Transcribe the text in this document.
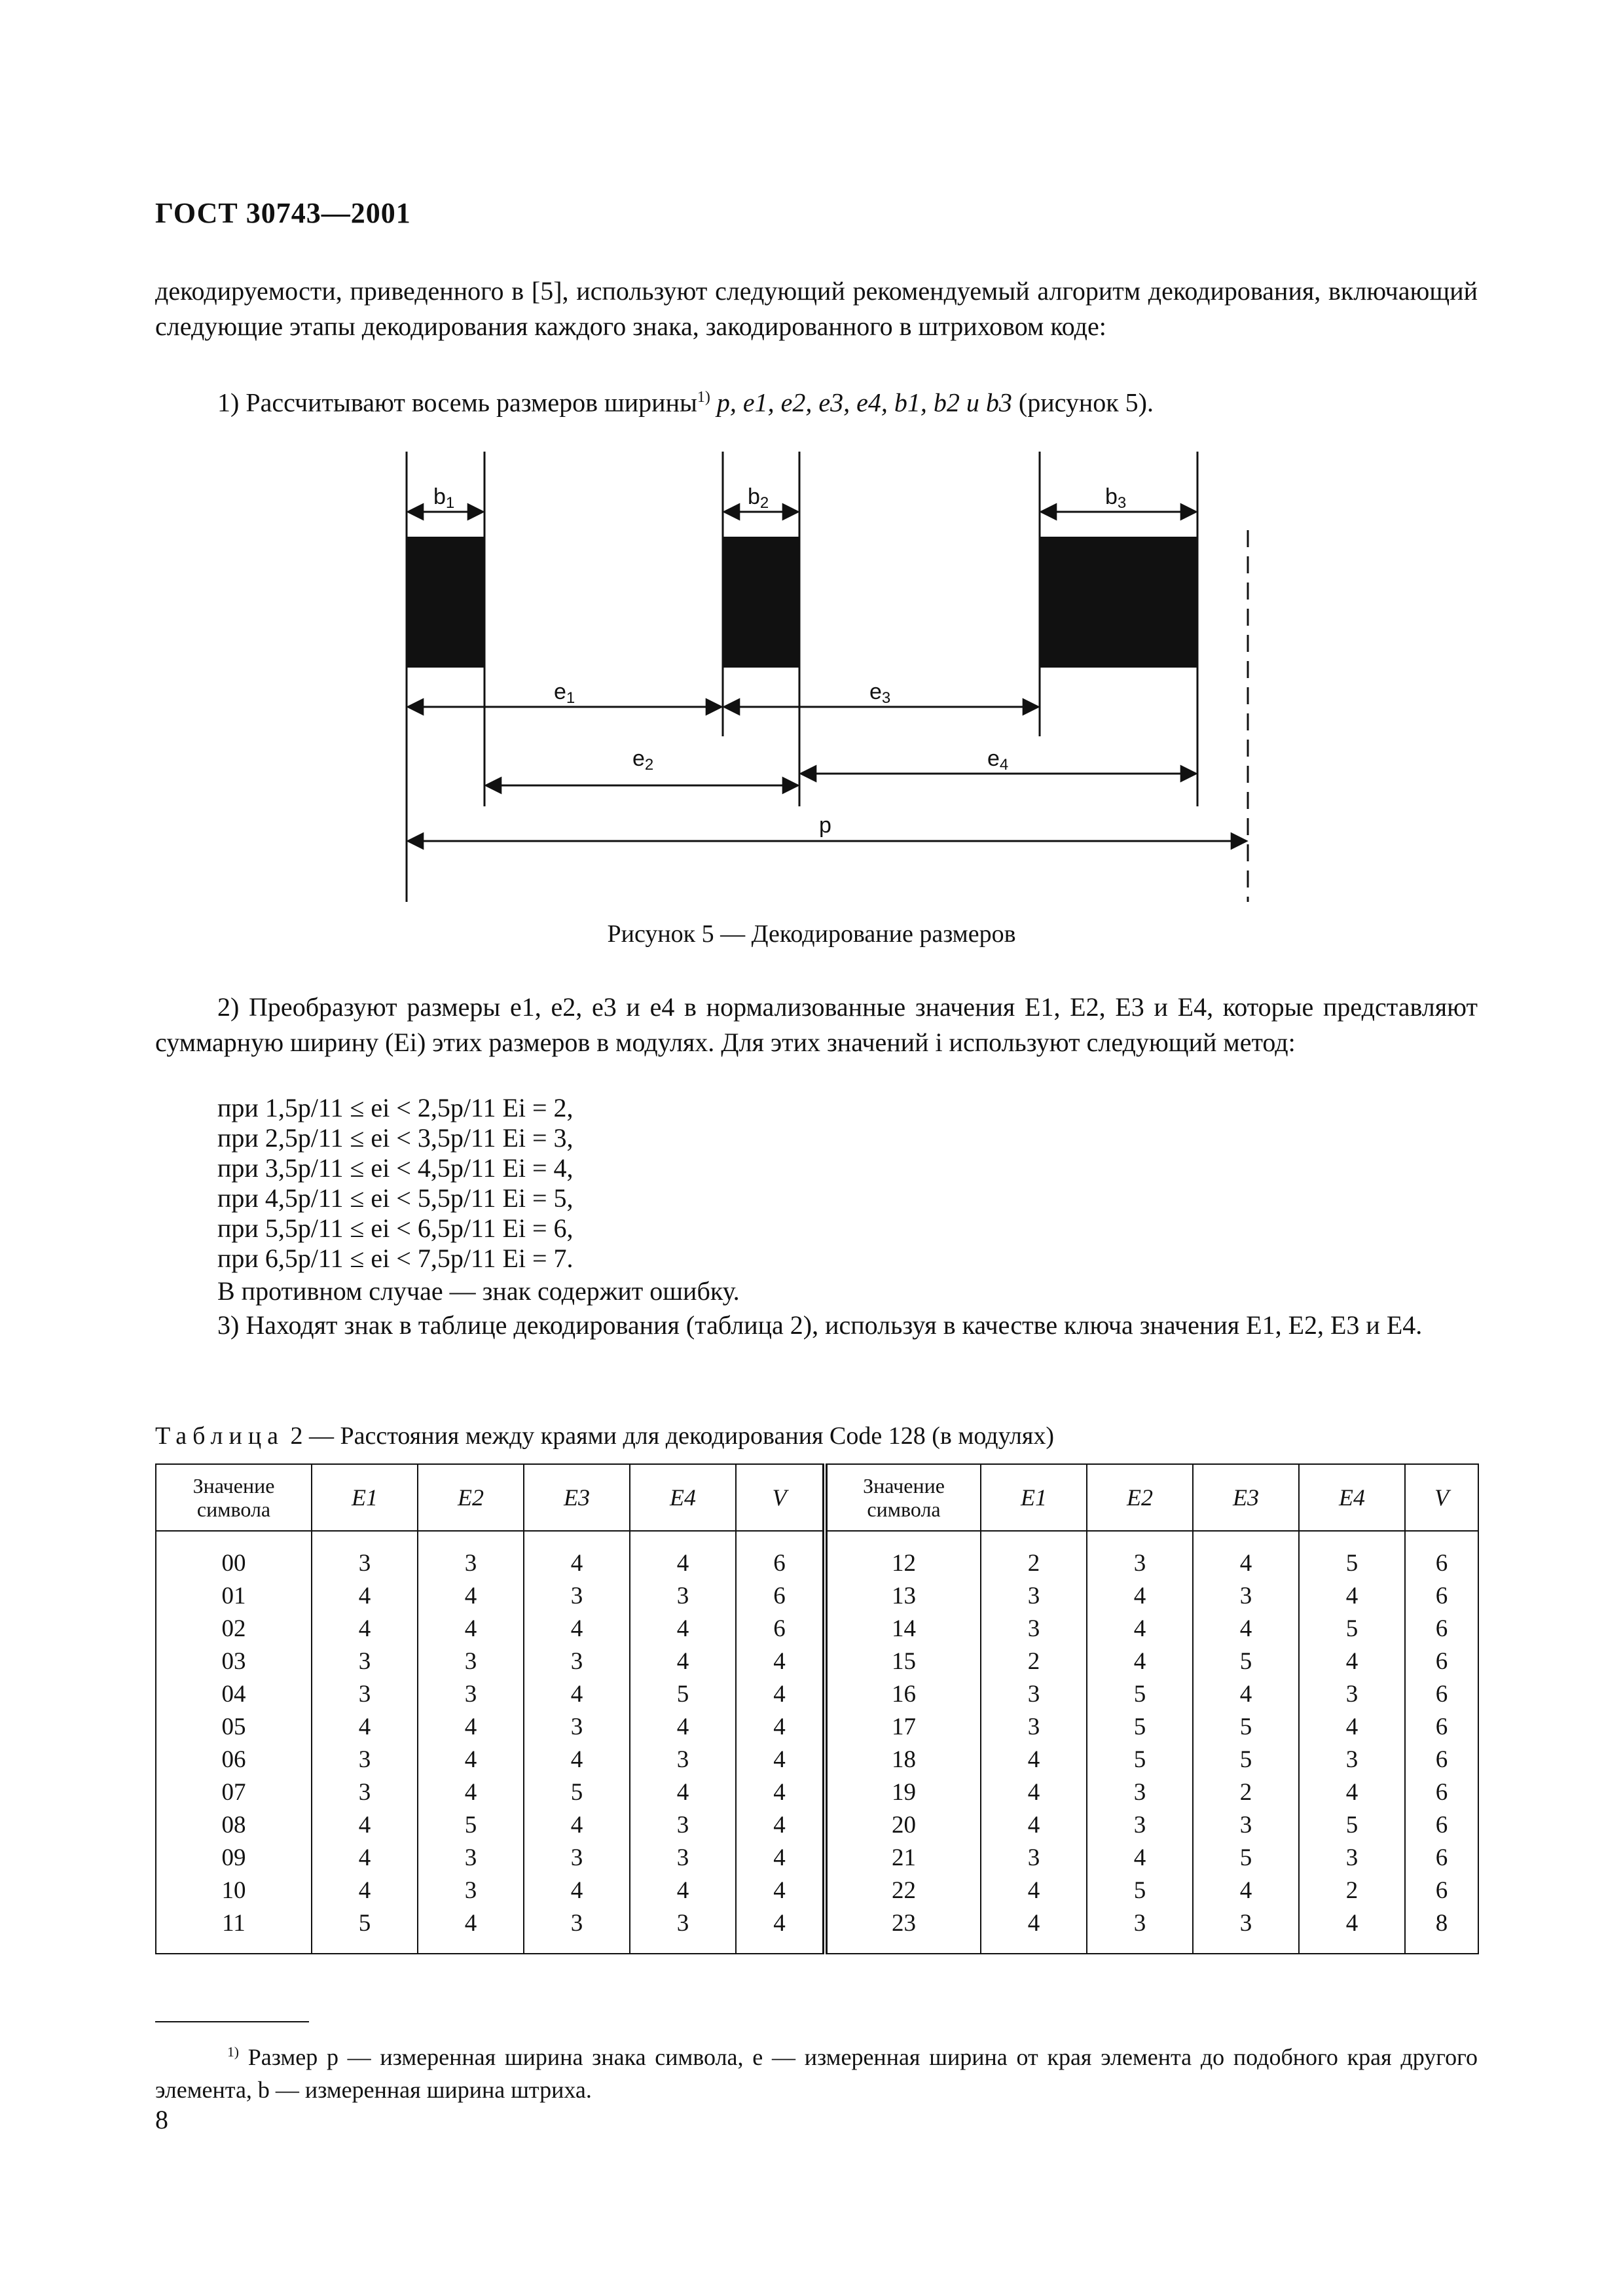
ГОСТ 30743—2001
декодируемости, приведенного в [5], используют следующий рекомендуемый алгоритм декодирования, включающий следующие этапы декодирования каждого знака, закодированного в штриховом коде:
1) Рассчитывают восемь размеров ширины$^{1)}$ p, e1, e2, e3, e4, b1, b2 и b3 (рисунок 5).
b1	b2	b3
e1	e3
e2	e4
p
Рисунок 5 — Декодирование размеров
2) Преобразуют размеры e1, e2, e3 и e4 в нормализованные значения E1, E2, E3 и E4, которые представляют суммарную ширину (Ei) этих размеров в модулях. Для этих значений i используют следующий метод:
при 1,5p/11 ≤ ei < 2,5p/11 Ei = 2,
при 2,5p/11 ≤ ei < 3,5p/11 Ei = 3,
при 3,5p/11 ≤ ei < 4,5p/11 Ei = 4,
при 4,5p/11 ≤ ei < 5,5p/11 Ei = 5,
при 5,5p/11 ≤ ei < 6,5p/11 Ei = 6,
при 6,5p/11 ≤ ei < 7,5p/11 Ei = 7.
В противном случае — знак содержит ошибку.
3) Находят знак в таблице декодирования (таблица 2), используя в качестве ключа значения E1, E2, E3 и E4.
Таблица 2 — Расстояния между краями для декодирования Code 128 (в модулях)
Значение символа	E1	E2	E3	E4	V	Значение символа	E1	E2	E3	E4	V
00	3	3	4	4	6	12	2	3	4	5	6
01	4	4	3	3	6	13	3	4	3	4	6
02	4	4	4	4	6	14	3	4	4	5	6
03	3	3	3	4	4	15	2	4	5	4	6
04	3	3	4	5	4	16	3	5	4	3	6
05	4	4	3	4	4	17	3	5	5	4	6
06	3	4	4	3	4	18	4	5	5	3	6
07	3	4	5	4	4	19	4	3	2	4	6
08	4	5	4	3	4	20	4	3	3	5	6
09	4	3	3	3	4	21	3	4	5	3	6
10	4	3	4	4	4	22	4	5	4	2	6
11	5	4	3	3	4	23	4	3	3	4	8
$^{1)}$ Размер p — измеренная ширина знака символа, e — измеренная ширина от края элемента до подобного края другого элемента, b — измеренная ширина штриха.
8
